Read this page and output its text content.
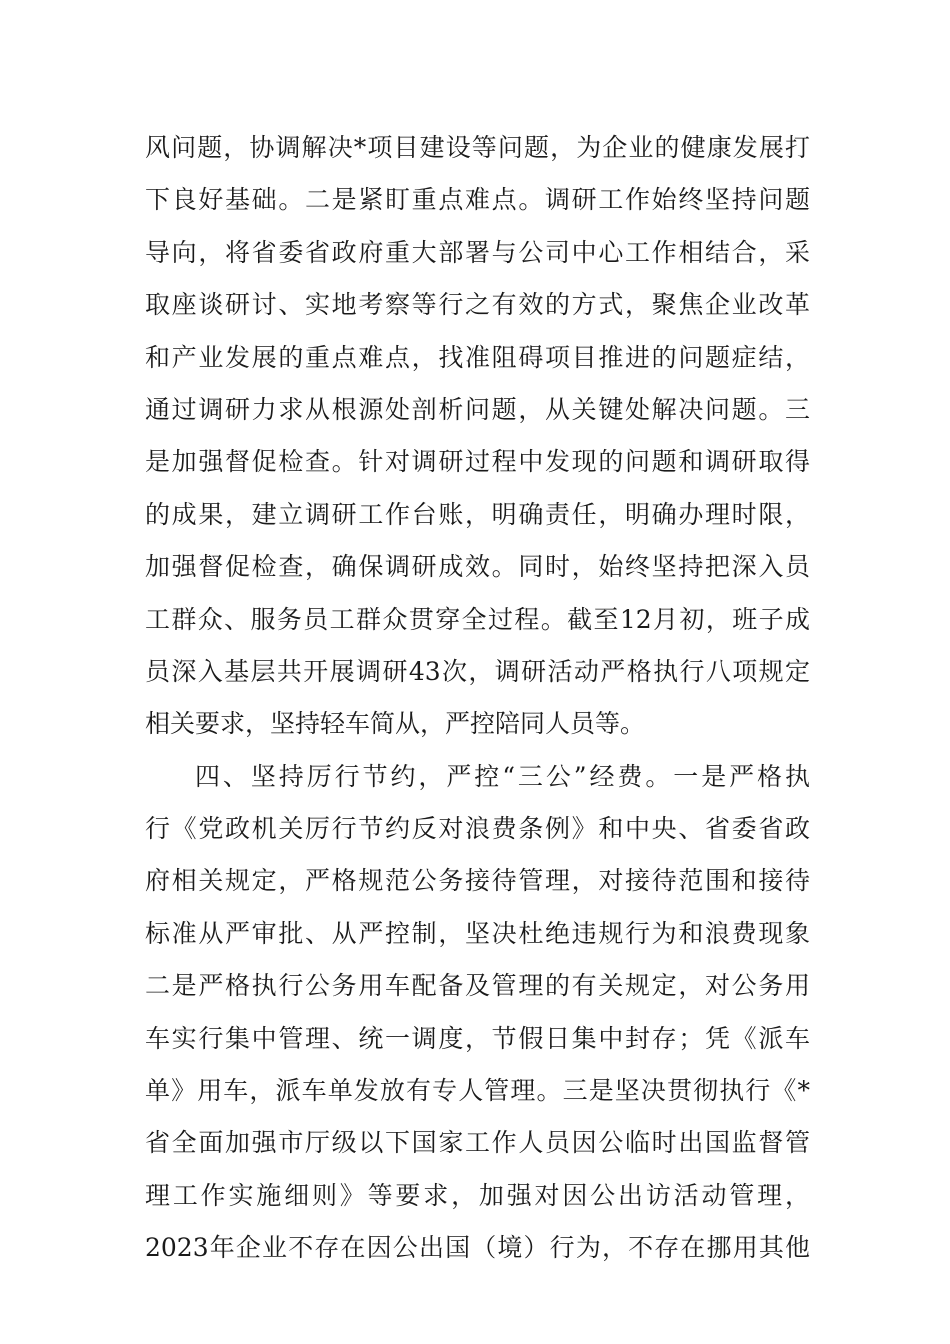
风问题，协调解决*项目建设等问题，为企业的健康发展打
下良好基础。二是紧盯重点难点。调研工作始终坚持问题
导向，将省委省政府重大部署与公司中心工作相结合，采
取座谈研讨、实地考察等行之有效的方式，聚焦企业改革
和产业发展的重点难点，找准阻碍项目推进的问题症结，
通过调研力求从根源处剖析问题，从关键处解决问题。三
是加强督促检查。针对调研过程中发现的问题和调研取得
的成果，建立调研工作台账，明确责任，明确办理时限，
加强督促检查，确保调研成效。同时，始终坚持把深入员
工群众、服务员工群众贯穿全过程。截至12月初，班子成
员深入基层共开展调研43次，调研活动严格执行八项规定
相关要求，坚持轻车简从，严控陪同人员等。
四、坚持厉行节约，严控“三公”经费。一是严格执
行《党政机关厉行节约反对浪费条例》和中央、省委省政
府相关规定，严格规范公务接待管理，对接待范围和接待
标准从严审批、从严控制，坚决杜绝违规行为和浪费现象
二是严格执行公务用车配备及管理的有关规定，对公务用
车实行集中管理、统一调度，节假日集中封存；凭《派车
单》用车，派车单发放有专人管理。三是坚决贯彻执行《*
省全面加强市厅级以下国家工作人员因公临时出国监督管
理工作实施细则》等要求，加强对因公出访活动管理，
2023年企业不存在因公出国（境）行为，不存在挪用其他
